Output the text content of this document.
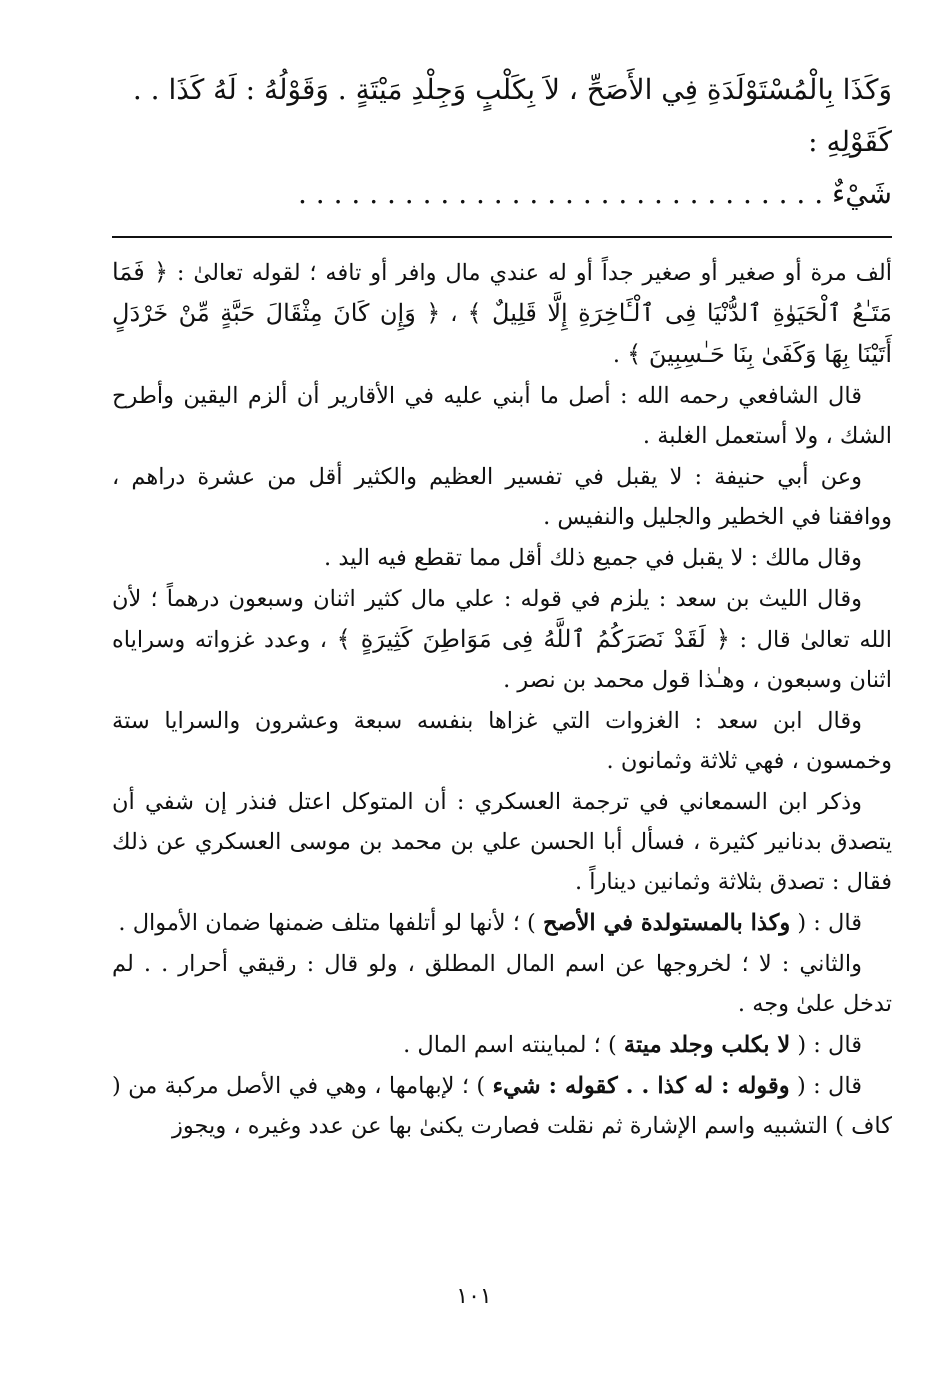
وَكَذَا بِالْمُسْتَوْلَدَةِ فِي الأَصَحِّ ، لاَ بِكَلْبٍ وَجِلْدِ مَيْتَةٍ . وَقَوْلُهُ : لَهُ كَذَا . . كَقَوْلِهِ :

شَيْءٌ . . . . . . . . . . . . . . . . . . . . . . . . . . . . . .

ألف مرة أو صغير أو صغير جداً أو له عندي مال وافر أو تافه ؛ لقوله تعالىٰ : ﴿ فَمَا مَتَـٰعُ ٱلْحَيَوٰةِ ٱلدُّنْيَا فِى ٱلْـَٔاخِرَةِ إِلَّا قَلِيلٌ ﴾ ، ﴿ وَإِن كَانَ مِثْقَالَ حَبَّةٍ مِّنْ خَرْدَلٍ أَتَيْنَا بِهَا وَكَفَىٰ بِنَا حَـٰسِبِينَ ﴾ .

قال الشافعي رحمه الله : أصل ما أبني عليه في الأقارير أن ألزم اليقين وأطرح الشك ، ولا أستعمل الغلبة .

وعن أبي حنيفة : لا يقبل في تفسير العظيم والكثير أقل من عشرة دراهم ، ووافقنا في الخطير والجليل والنفيس .

وقال مالك : لا يقبل في جميع ذلك أقل مما تقطع فيه اليد .

وقال الليث بن سعد : يلزم في قوله : علي مال كثير اثنان وسبعون درهماً ؛ لأن الله تعالىٰ قال : ﴿ لَقَدْ نَصَرَكُمُ ٱللَّهُ فِى مَوَاطِنَ كَثِيرَةٍ ﴾ ، وعدد غزواته وسراياه اثنان وسبعون ، وهـٰذا قول محمد بن نصر .

وقال ابن سعد : الغزوات التي غزاها بنفسه سبعة وعشرون والسرايا ستة وخمسون ، فهي ثلاثة وثمانون .

وذكر ابن السمعاني في ترجمة العسكري : أن المتوكل اعتل فنذر إن شفي أن يتصدق بدنانير كثيرة ، فسأل أبا الحسن علي بن محمد بن موسى العسكري عن ذلك فقال : تصدق بثلاثة وثمانين ديناراً .

قال : ( وكذا بالمستولدة في الأصح ) ؛ لأنها لو أتلفها متلف ضمنها ضمان الأموال .

والثاني : لا ؛ لخروجها عن اسم المال المطلق ، ولو قال : رقيقي أحرار . . لم تدخل علىٰ وجه .

قال : ( لا بكلب وجلد ميتة ) ؛ لمباينته اسم المال .

قال : ( وقوله : له كذا . . كقوله : شيء ) ؛ لإبهامها ، وهي في الأصل مركبة من ( كاف ) التشبيه واسم الإشارة ثم نقلت فصارت يكنىٰ بها عن عدد وغيره ، ويجوز

١٠١
